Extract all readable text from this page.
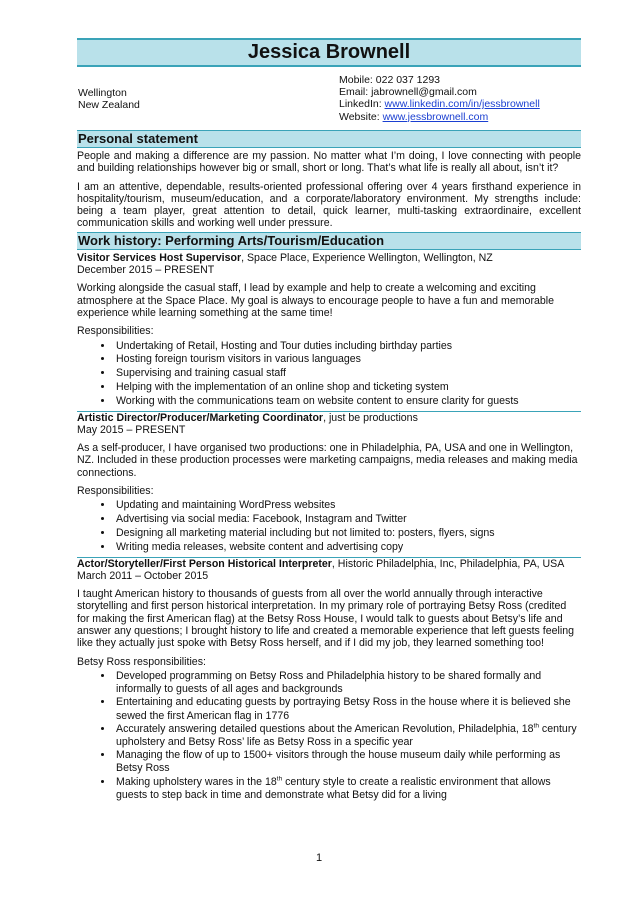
Jessica Brownell
Wellington
New Zealand
Mobile: 022 037 1293
Email: jabrownell@gmail.com
LinkedIn: www.linkedin.com/in/jessbrownell
Website: www.jessbrownell.com
Personal statement

People and making a difference are my passion. No matter what I’m doing, I love connecting with people and building relationships however big or small, short or long. That’s what life is really all about, isn’t it?

I am an attentive, dependable, results-oriented professional offering over 4 years firsthand experience in hospitality/tourism, museum/education, and a corporate/laboratory environment. My strengths include: being a team player, great attention to detail, quick learner, multi-tasking extraordinaire, excellent communication skills and working well under pressure.

Work history: Performing Arts/Tourism/Education

Visitor Services Host Supervisor, Space Place, Experience Wellington, Wellington, NZ

December 2015 – PRESENT

Working alongside the casual staff, I lead by example and help to create a welcoming and exciting atmosphere at the Space Place. My goal is always to encourage people to have a fun and memorable experience while learning something at the same time!

Responsibilities:

• Undertaking of Retail, Hosting and Tour duties including birthday parties
• Hosting foreign tourism visitors in various languages
• Supervising and training casual staff
• Helping with the implementation of an online shop and ticketing system
• Working with the communications team on website content to ensure clarity for guests

Artistic Director/Producer/Marketing Coordinator, just be productions

May 2015 – PRESENT

As a self-producer, I have organised two productions: one in Philadelphia, PA, USA and one in Wellington, NZ. Included in these production processes were marketing campaigns, media releases and making media connections.

Responsibilities:

• Updating and maintaining WordPress websites
• Advertising via social media: Facebook, Instagram and Twitter
• Designing all marketing material including but not limited to: posters, flyers, signs
• Writing media releases, website content and advertising copy

Actor/Storyteller/First Person Historical Interpreter, Historic Philadelphia, Inc, Philadelphia, PA, USA

March 2011 – October 2015

I taught American history to thousands of guests from all over the world annually through interactive storytelling and first person historical interpretation. In my primary role of portraying Betsy Ross (credited for making the first American flag) at the Betsy Ross House, I would talk to guests about Betsy’s life and answer any questions; I brought history to life and created a memorable experience that left guests feeling like they actually just spoke with Betsy Ross herself, and if I did my job, they learned something too!

Betsy Ross responsibilities:

• Developed programming on Betsy Ross and Philadelphia history to be shared formally and informally to guests of all ages and backgrounds
• Entertaining and educating guests by portraying Betsy Ross in the house where it is believed she sewed the first American flag in 1776
• Accurately answering detailed questions about the American Revolution, Philadelphia, 18th century upholstery and Betsy Ross’ life as Betsy Ross in a specific year
• Managing the flow of up to 1500+ visitors through the house museum daily while performing as Betsy Ross
• Making upholstery wares in the 18th century style to create a realistic environment that allows guests to step back in time and demonstrate what Betsy did for a living
1
